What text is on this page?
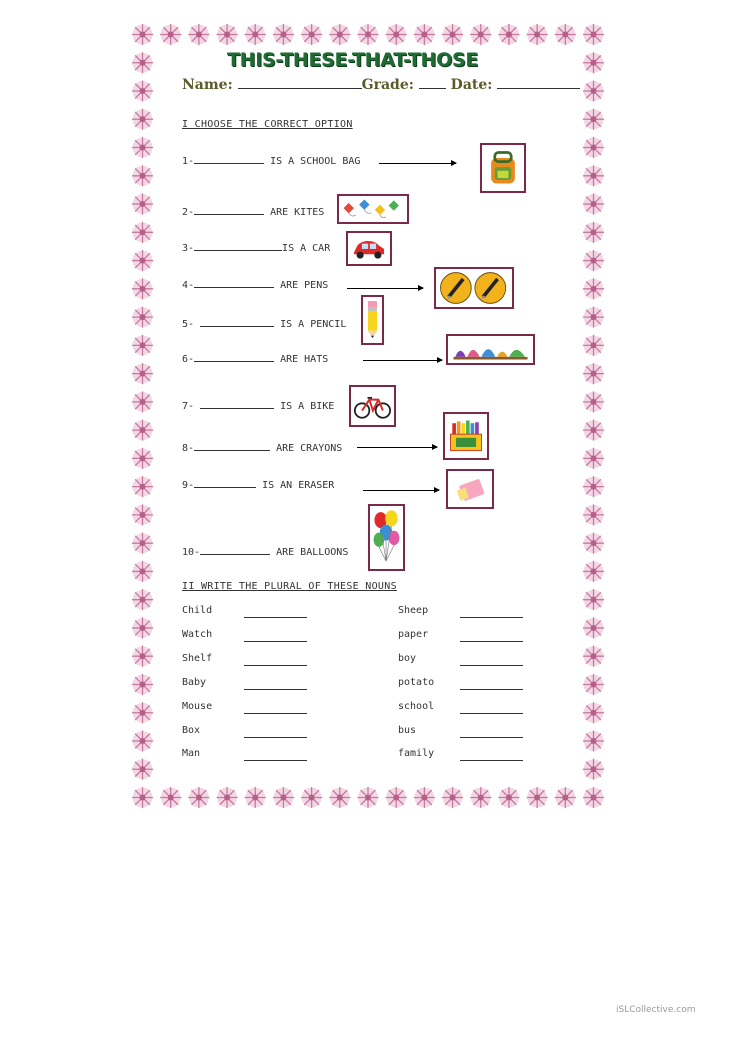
THIS-THESE-THAT-THOSE
Name:	Grade:	Date:
I CHOOSE THE CORRECT OPTION
1-	IS A SCHOOL BAG
2-	ARE KITES
3-	IS A CAR
4-	ARE PENS
5-	IS A PENCIL
6-	ARE HATS
7-	IS A BIKE
8-	ARE CRAYONS
9-	IS AN ERASER
10-	ARE BALLOONS
II WRITE THE PLURAL OF THESE NOUNS
Child
Watch
Shelf
Baby
Mouse
Box
Man
Sheep
paper
boy
potato
school
bus
family
iSLCollective.com
